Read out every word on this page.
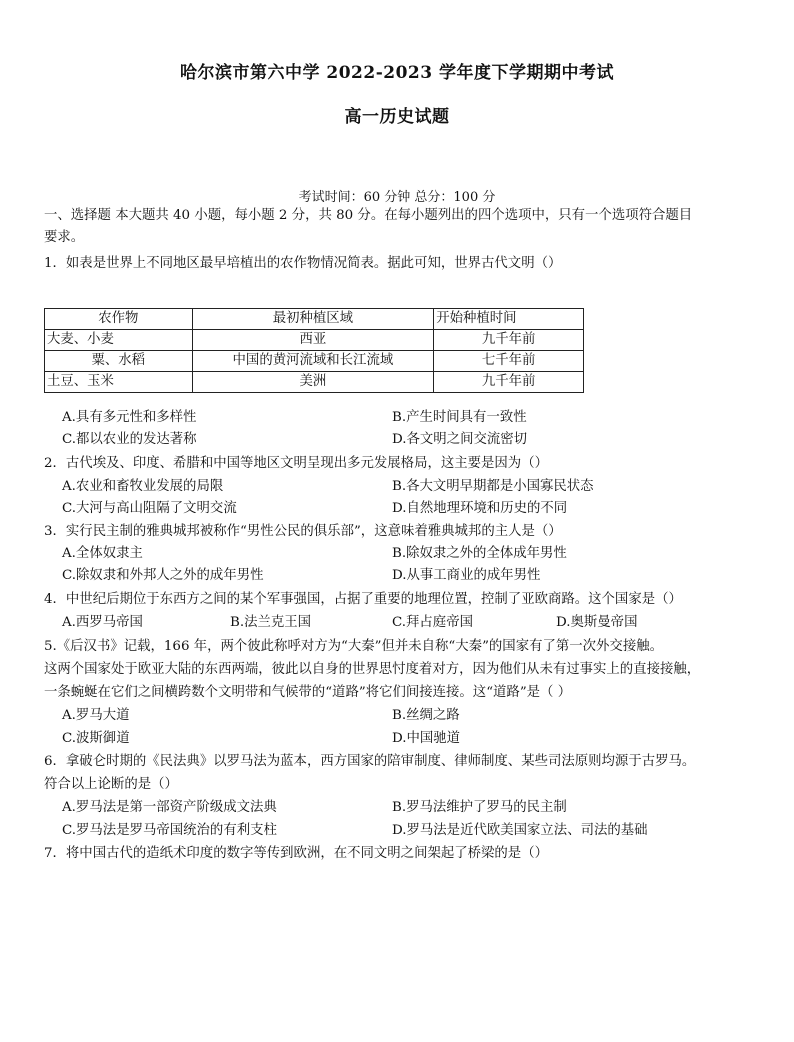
哈尔滨市第六中学 2022-2023 学年度下学期期中考试
高一历史试题
考试时间：60 分钟 总分：100 分
一、选择题 本大题共 40 小题，每小题 2 分，共 80 分。在每小题列出的四个选项中，只有一个选项符合题目
要求。
1．如表是世界上不同地区最早培植出的农作物情况简表。据此可知，世界古代文明（）
农作物	最初种植区域	开始种植时间
大麦、小麦	西亚	九千年前
粟、水稻	中国的黄河流域和长江流域	七千年前
土豆、玉米	美洲	九千年前
A.具有多元性和多样性	B.产生时间具有一致性
C.都以农业的发达著称	D.各文明之间交流密切
2．古代埃及、印度、希腊和中国等地区文明呈现出多元发展格局，这主要是因为（）
A.农业和畜牧业发展的局限	B.各大文明早期都是小国寡民状态
C.大河与高山阻隔了文明交流	D.自然地理环境和历史的不同
3．实行民主制的雅典城邦被称作“男性公民的俱乐部”，这意味着雅典城邦的主人是（）
A.全体奴隶主	B.除奴隶之外的全体成年男性
C.除奴隶和外邦人之外的成年男性	D.从事工商业的成年男性
4．中世纪后期位于东西方之间的某个军事强国，占据了重要的地理位置，控制了亚欧商路。这个国家是（）
A.西罗马帝国	B.法兰克王国	C.拜占庭帝国	D.奥斯曼帝国
5.《后汉书》记载，166 年，两个彼此称呼对方为“大秦”但并未自称“大秦”的国家有了第一次外交接触。
这两个国家处于欧亚大陆的东西两端，彼此以自身的世界思忖度着对方，因为他们从未有过事实上的直接接触，
一条蜿蜒在它们之间横跨数个文明带和气候带的“道路”将它们间接连接。这“道路”是（ ）
A.罗马大道	B.丝绸之路
C.波斯御道	D.中国驰道
6．拿破仑时期的《民法典》以罗马法为蓝本，西方国家的陪审制度、律师制度、某些司法原则均源于古罗马。
符合以上论断的是（）
A.罗马法是第一部资产阶级成文法典	B.罗马法维护了罗马的民主制
C.罗马法是罗马帝国统治的有利支柱	D.罗马法是近代欧美国家立法、司法的基础
7．将中国古代的造纸术印度的数字等传到欧洲，在不同文明之间架起了桥梁的是（）
